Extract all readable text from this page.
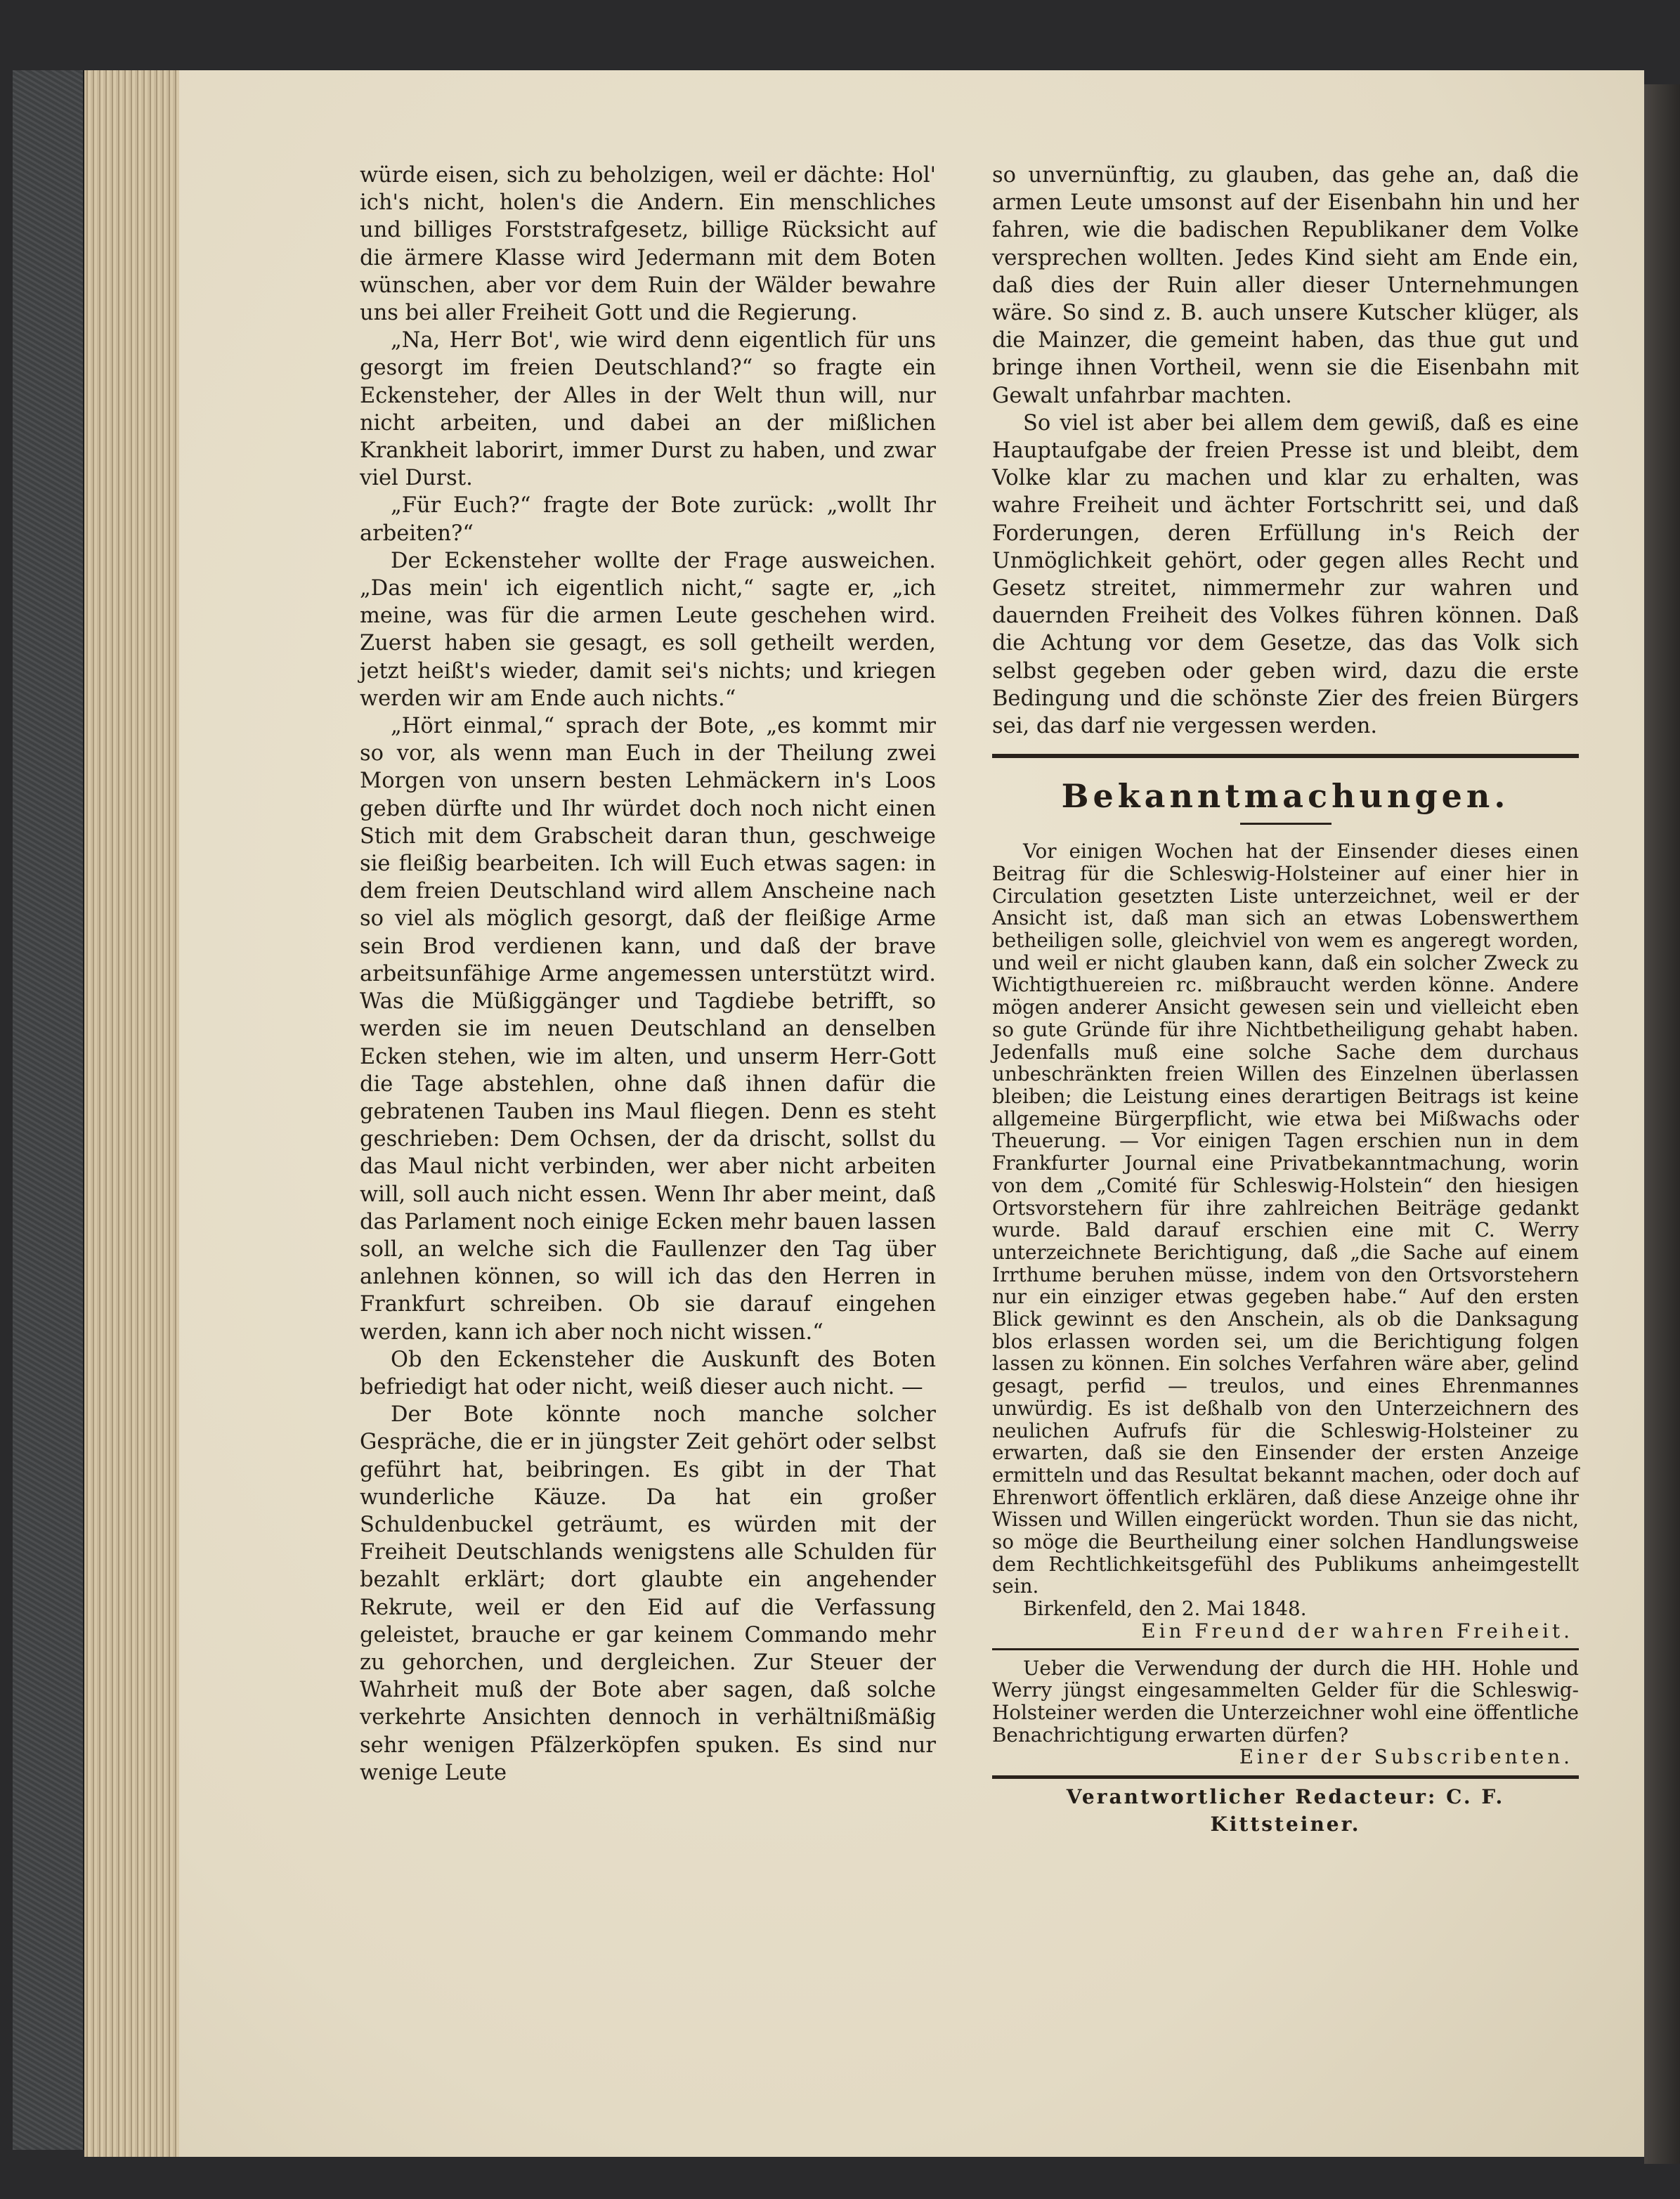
würde eisen, sich zu beholzigen, weil er dächte: Hol' ich's nicht, holen's die Andern. Ein menschliches und billiges Forststrafgesetz, billige Rücksicht auf die ärmere Klasse wird Jedermann mit dem Boten wünschen, aber vor dem Ruin der Wälder bewahre uns bei aller Freiheit Gott und die Regierung.

„Na, Herr Bot', wie wird denn eigentlich für uns gesorgt im freien Deutschland?“ so fragte ein Eckensteher, der Alles in der Welt thun will, nur nicht arbeiten, und dabei an der mißlichen Krankheit laborirt, immer Durst zu haben, und zwar viel Durst.

„Für Euch?“ fragte der Bote zurück: „wollt Ihr arbeiten?“

Der Eckensteher wollte der Frage ausweichen. „Das mein' ich eigentlich nicht,“ sagte er, „ich meine, was für die armen Leute geschehen wird. Zuerst haben sie gesagt, es soll getheilt werden, jetzt heißt's wieder, damit sei's nichts; und kriegen werden wir am Ende auch nichts.“

„Hört einmal,“ sprach der Bote, „es kommt mir so vor, als wenn man Euch in der Theilung zwei Morgen von unsern besten Lehmäckern in's Loos geben dürfte und Ihr würdet doch noch nicht einen Stich mit dem Grabscheit daran thun, geschweige sie fleißig bearbeiten. Ich will Euch etwas sagen: in dem freien Deutschland wird allem Anscheine nach so viel als möglich gesorgt, daß der fleißige Arme sein Brod verdienen kann, und daß der brave arbeitsunfähige Arme angemessen unterstützt wird. Was die Müßiggänger und Tagdiebe betrifft, so werden sie im neuen Deutschland an denselben Ecken stehen, wie im alten, und unserm Herr-Gott die Tage abstehlen, ohne daß ihnen dafür die gebratenen Tauben ins Maul fliegen. Denn es steht geschrieben: Dem Ochsen, der da drischt, sollst du das Maul nicht verbinden, wer aber nicht arbeiten will, soll auch nicht essen. Wenn Ihr aber meint, daß das Parlament noch einige Ecken mehr bauen lassen soll, an welche sich die Faullenzer den Tag über anlehnen können, so will ich das den Herren in Frankfurt schreiben. Ob sie darauf eingehen werden, kann ich aber noch nicht wissen.“

Ob den Eckensteher die Auskunft des Boten befriedigt hat oder nicht, weiß dieser auch nicht. —

Der Bote könnte noch manche solcher Gespräche, die er in jüngster Zeit gehört oder selbst geführt hat, beibringen. Es gibt in der That wunderliche Käuze. Da hat ein großer Schuldenbuckel geträumt, es würden mit der Freiheit Deutschlands wenigstens alle Schulden für bezahlt erklärt; dort glaubte ein angehender Rekrute, weil er den Eid auf die Verfassung geleistet, brauche er gar keinem Commando mehr zu gehorchen, und dergleichen. Zur Steuer der Wahrheit muß der Bote aber sagen, daß solche verkehrte Ansichten dennoch in verhältnißmäßig sehr wenigen Pfälzerköpfen spuken. Es sind nur wenige Leute

so unvernünftig, zu glauben, das gehe an, daß die armen Leute umsonst auf der Eisenbahn hin und her fahren, wie die badischen Republikaner dem Volke versprechen wollten. Jedes Kind sieht am Ende ein, daß dies der Ruin aller dieser Unternehmungen wäre. So sind z. B. auch unsere Kutscher klüger, als die Mainzer, die gemeint haben, das thue gut und bringe ihnen Vortheil, wenn sie die Eisenbahn mit Gewalt unfahrbar machten.

So viel ist aber bei allem dem gewiß, daß es eine Hauptaufgabe der freien Presse ist und bleibt, dem Volke klar zu machen und klar zu erhalten, was wahre Freiheit und ächter Fortschritt sei, und daß Forderungen, deren Erfüllung in's Reich der Unmöglichkeit gehört, oder gegen alles Recht und Gesetz streitet, nimmermehr zur wahren und dauernden Freiheit des Volkes führen können. Daß die Achtung vor dem Gesetze, das das Volk sich selbst gegeben oder geben wird, dazu die erste Bedingung und die schönste Zier des freien Bürgers sei, das darf nie vergessen werden.

Bekanntmachungen.

Vor einigen Wochen hat der Einsender dieses einen Beitrag für die Schleswig-Holsteiner auf einer hier in Circulation gesetzten Liste unterzeichnet, weil er der Ansicht ist, daß man sich an etwas Lobenswerthem betheiligen solle, gleichviel von wem es angeregt worden, und weil er nicht glauben kann, daß ein solcher Zweck zu Wichtigthuereien rc. mißbraucht werden könne. Andere mögen anderer Ansicht gewesen sein und vielleicht eben so gute Gründe für ihre Nichtbetheiligung gehabt haben. Jedenfalls muß eine solche Sache dem durchaus unbeschränkten freien Willen des Einzelnen überlassen bleiben; die Leistung eines derartigen Beitrags ist keine allgemeine Bürgerpflicht, wie etwa bei Mißwachs oder Theuerung. — Vor einigen Tagen erschien nun in dem Frankfurter Journal eine Privatbekanntmachung, worin von dem „Comité für Schleswig-Holstein“ den hiesigen Ortsvorstehern für ihre zahlreichen Beiträge gedankt wurde. Bald darauf erschien eine mit C. Werry unterzeichnete Berichtigung, daß „die Sache auf einem Irrthume beruhen müsse, indem von den Ortsvorstehern nur ein einziger etwas gegeben habe.“ Auf den ersten Blick gewinnt es den Anschein, als ob die Danksagung blos erlassen worden sei, um die Berichtigung folgen lassen zu können. Ein solches Verfahren wäre aber, gelind gesagt, perfid — treulos, und eines Ehrenmannes unwürdig. Es ist deßhalb von den Unterzeichnern des neulichen Aufrufs für die Schleswig-Holsteiner zu erwarten, daß sie den Einsender der ersten Anzeige ermitteln und das Resultat bekannt machen, oder doch auf Ehrenwort öffentlich erklären, daß diese Anzeige ohne ihr Wissen und Willen eingerückt worden. Thun sie das nicht, so möge die Beurtheilung einer solchen Handlungsweise dem Rechtlichkeitsgefühl des Publikums anheimgestellt sein.

Birkenfeld, den 2. Mai 1848.

Ein Freund der wahren Freiheit.

Ueber die Verwendung der durch die HH. Hohle und Werry jüngst eingesammelten Gelder für die Schleswig-Holsteiner werden die Unterzeichner wohl eine öffentliche Benachrichtigung erwarten dürfen?

Einer der Subscribenten.

Verantwortlicher Redacteur: C. F. Kittsteiner.
